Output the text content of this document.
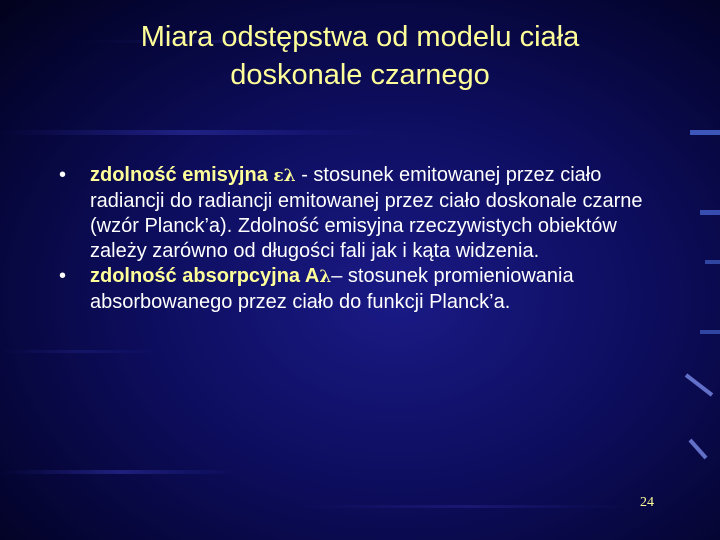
Miara odstępstwa od modelu ciała
doskonale czarnego
• zdolność emisyjna ελ - stosunek emitowanej przez ciało radiancji do radiancji emitowanej przez ciało doskonale czarne (wzór Planck’a). Zdolność emisyjna rzeczywistych obiektów zależy zarówno od długości fali jak i kąta widzenia.
• zdolność absorpcyjna Aλ– stosunek promieniowania absorbowanego przez ciało do funkcji Planck’a.
24
